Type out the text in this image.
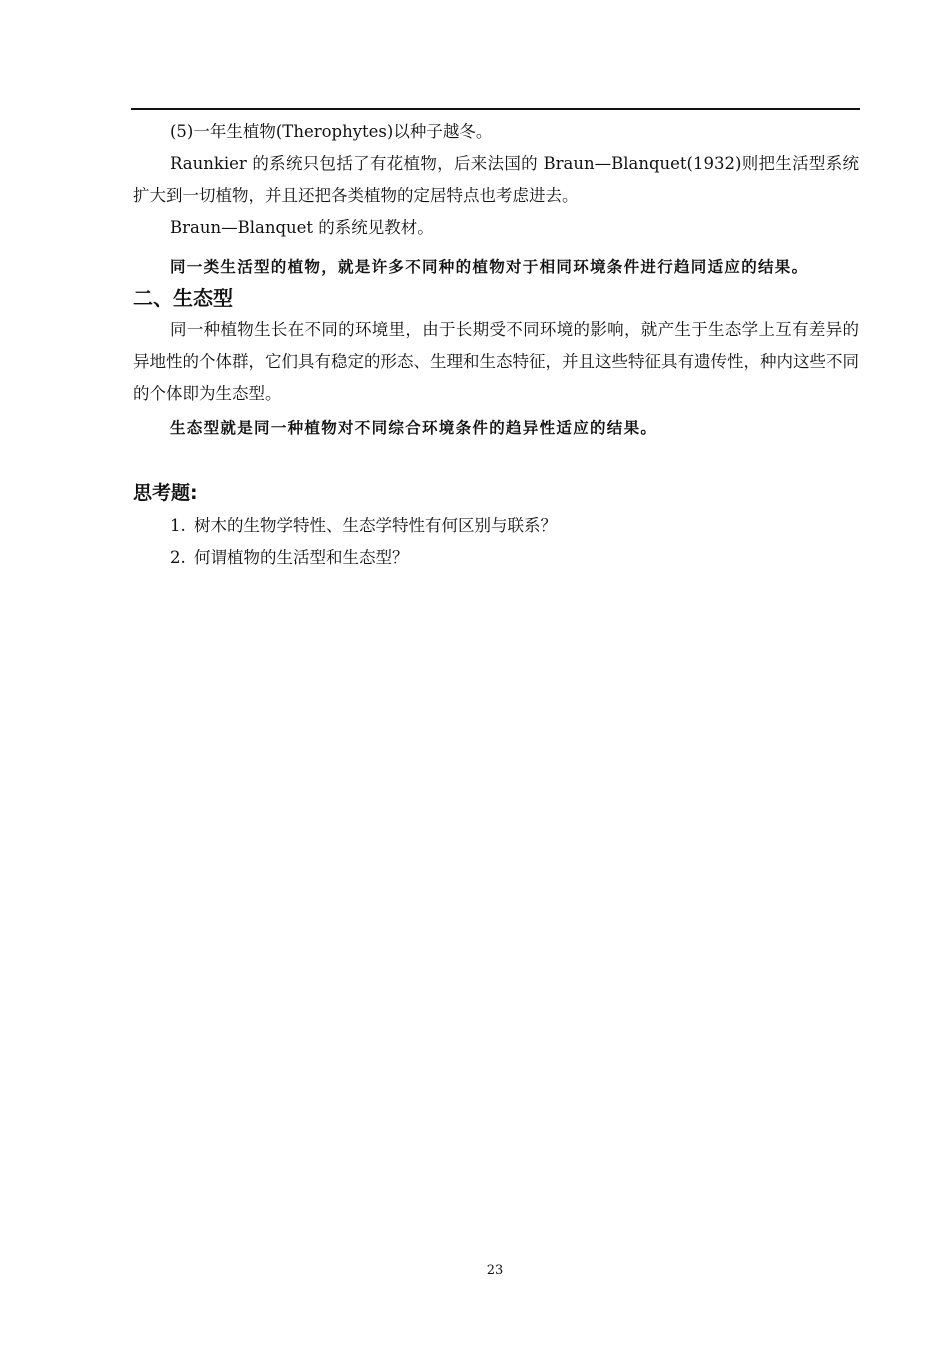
(5)一年生植物(Therophytes)以种子越冬。

Raunkier 的系统只包括了有花植物，后来法国的 Braun—Blanquet(1932)则把生活型系统扩大到一切植物，并且还把各类植物的定居特点也考虑进去。

Braun—Blanquet 的系统见教材。

同一类生活型的植物，就是许多不同种的植物对于相同环境条件进行趋同适应的结果。

二、生态型

同一种植物生长在不同的环境里，由于长期受不同环境的影响，就产生于生态学上互有差异的异地性的个体群，它们具有稳定的形态、生理和生态特征，并且这些特征具有遗传性，种内这些不同的个体即为生态型。

生态型就是同一种植物对不同综合环境条件的趋异性适应的结果。

思考题:

1. 树木的生物学特性、生态学特性有何区别与联系？

2. 何谓植物的生活型和生态型？

23
